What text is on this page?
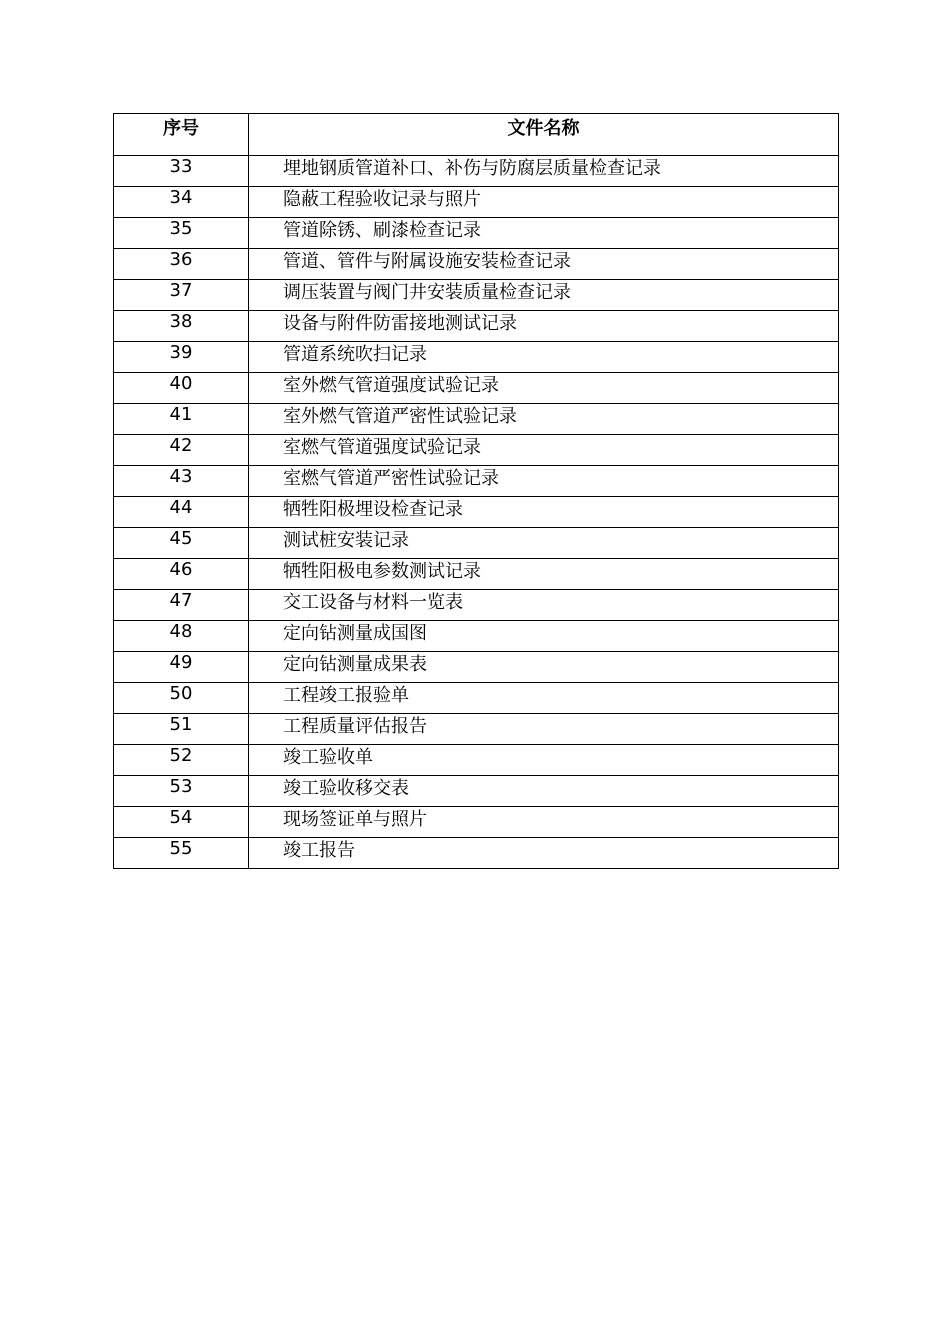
序号	文件名称
33	埋地钢质管道补口、补伤与防腐层质量检查记录
34	隐蔽工程验收记录与照片
35	管道除锈、刷漆检查记录
36	管道、管件与附属设施安装检查记录
37	调压装置与阀门井安装质量检查记录
38	设备与附件防雷接地测试记录
39	管道系统吹扫记录
40	室外燃气管道强度试验记录
41	室外燃气管道严密性试验记录
42	室燃气管道强度试验记录
43	室燃气管道严密性试验记录
44	牺牲阳极埋设检查记录
45	测试桩安装记录
46	牺牲阳极电参数测试记录
47	交工设备与材料一览表
48	定向钻测量成国图
49	定向钻测量成果表
50	工程竣工报验单
51	工程质量评估报告
52	竣工验收单
53	竣工验收移交表
54	现场签证单与照片
55	竣工报告
